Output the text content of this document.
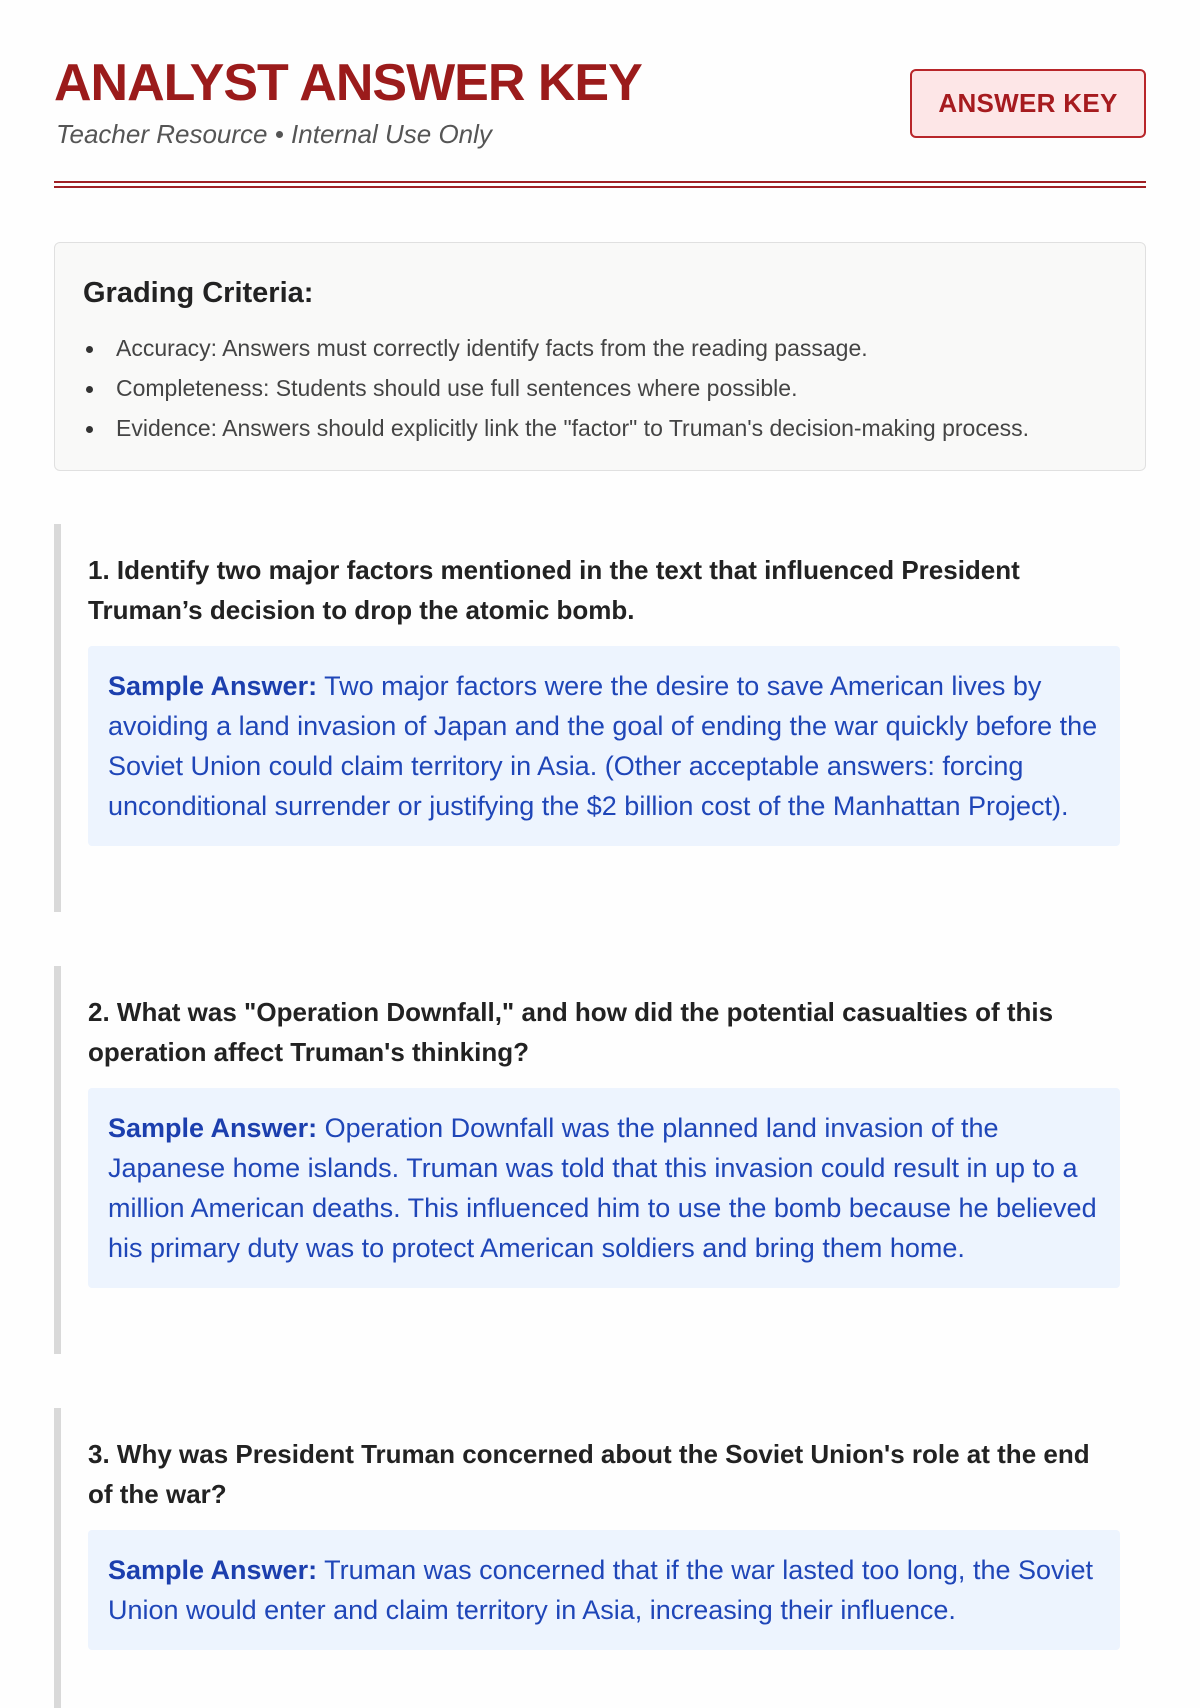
ANALYST ANSWER KEY
Teacher Resource • Internal Use Only
ANSWER KEY
Grading Criteria:
Accuracy: Answers must correctly identify facts from the reading passage.
Completeness: Students should use full sentences where possible.
Evidence: Answers should explicitly link the "factor" to Truman's decision-making process.
1. Identify two major factors mentioned in the text that influenced President Truman’s decision to drop the atomic bomb.
Sample Answer: Two major factors were the desire to save American lives by avoiding a land invasion of Japan and the goal of ending the war quickly before the Soviet Union could claim territory in Asia. (Other acceptable answers: forcing unconditional surrender or justifying the $2 billion cost of the Manhattan Project).
2. What was "Operation Downfall," and how did the potential casualties of this operation affect Truman's thinking?
Sample Answer: Operation Downfall was the planned land invasion of the Japanese home islands. Truman was told that this invasion could result in up to a million American deaths. This influenced him to use the bomb because he believed his primary duty was to protect American soldiers and bring them home.
3. Why was President Truman concerned about the Soviet Union's role at the end of the war?
Sample Answer: Truman was concerned that if the war lasted too long, the Soviet Union would enter and claim territory in Asia, increasing their influence.
